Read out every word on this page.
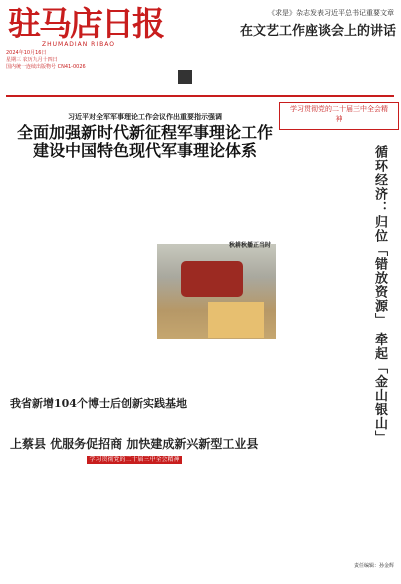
驻马店日报
ZHUMADIAN RIBAO
《求是》杂志发表习近平总书记重要文章
在文艺工作座谈会上的讲话
2024年10月16日
星期三 农历九月十四日
国内统一连续出版物号 CN41-0026
习近平对全军军事理论工作会议作出重要指示强调
全面加强新时代新征程军事理论工作
建设中国特色现代军事理论体系
学习贯彻党的二十届三中全会精神
循环经济：归位「错放资源」 牵起「金山银山」
秋耕秋播正当时
我省新增104个博士后创新实践基地
上蔡县 优服务促招商 加快建成新兴新型工业县
学习贯彻党的二十届三中全会精神
责任编辑：孙金辉
